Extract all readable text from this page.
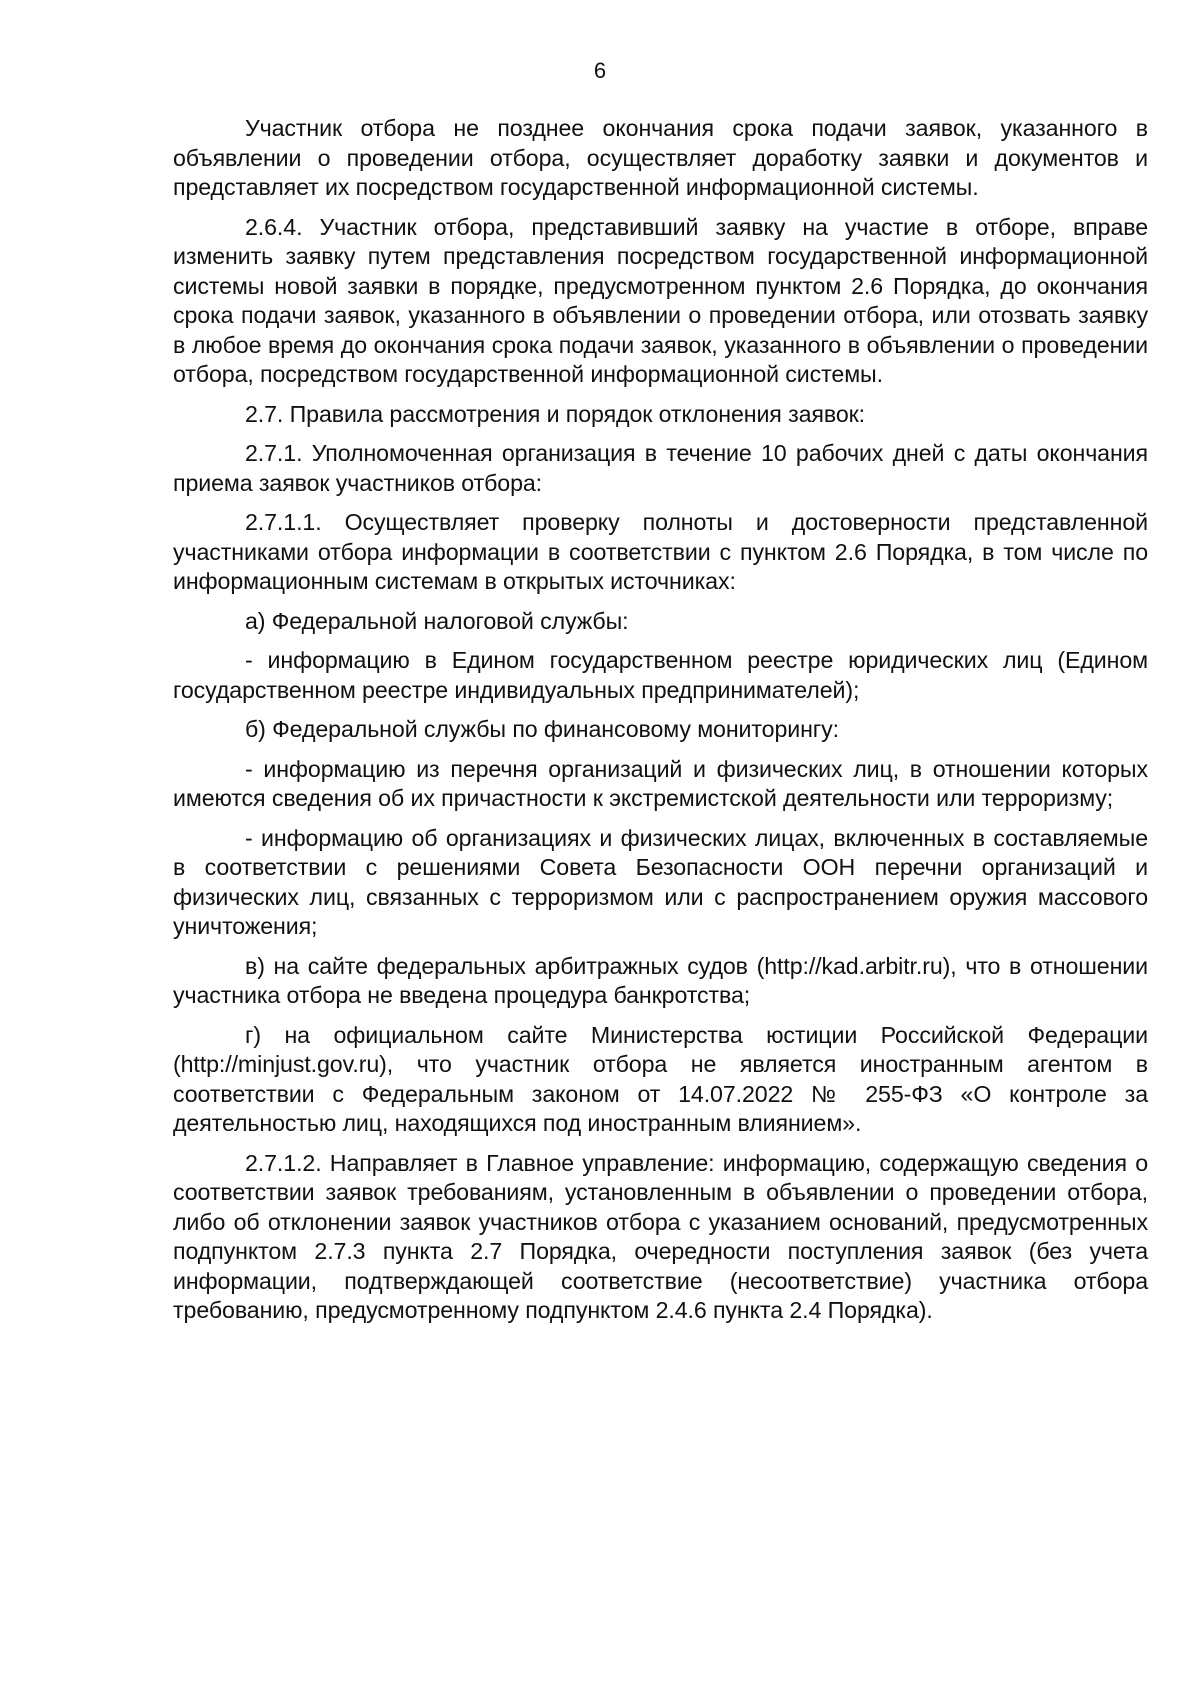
6

Участник отбора не позднее окончания срока подачи заявок, указанного в объявлении о проведении отбора, осуществляет доработку заявки и документов и представляет их посредством государственной информационной системы.

2.6.4. Участник отбора, представивший заявку на участие в отборе, вправе изменить заявку путем представления посредством государственной информационной системы новой заявки в порядке, предусмотренном пунктом 2.6 Порядка, до окончания срока подачи заявок, указанного в объявлении о проведении отбора, или отозвать заявку в любое время до окончания срока подачи заявок, указанного в объявлении о проведении отбора, посредством государственной информационной системы.

2.7. Правила рассмотрения и порядок отклонения заявок:

2.7.1. Уполномоченная организация в течение 10 рабочих дней с даты окончания приема заявок участников отбора:

2.7.1.1. Осуществляет проверку полноты и достоверности представленной участниками отбора информации в соответствии с пунктом 2.6 Порядка, в том числе по информационным системам в открытых источниках:

а) Федеральной налоговой службы:

- информацию в Едином государственном реестре юридических лиц (Едином государственном реестре индивидуальных предпринимателей);

б) Федеральной службы по финансовому мониторингу:

- информацию из перечня организаций и физических лиц, в отношении которых имеются сведения об их причастности к экстремистской деятельности или терроризму;

- информацию об организациях и физических лицах, включенных в составляемые в соответствии с решениями Совета Безопасности ООН перечни организаций и физических лиц, связанных с терроризмом или с распространением оружия массового уничтожения;

в) на сайте федеральных арбитражных судов (http://kad.arbitr.ru), что в отношении участника отбора не введена процедура банкротства;

г) на официальном сайте Министерства юстиции Российской Федерации (http://minjust.gov.ru), что участник отбора не является иностранным агентом в соответствии с Федеральным законом от 14.07.2022 № 255-ФЗ «О контроле за деятельностью лиц, находящихся под иностранным влиянием».

2.7.1.2. Направляет в Главное управление: информацию, содержащую сведения о соответствии заявок требованиям, установленным в объявлении о проведении отбора, либо об отклонении заявок участников отбора с указанием оснований, предусмотренных подпунктом 2.7.3 пункта 2.7 Порядка, очередности поступления заявок (без учета информации, подтверждающей соответствие (несоответствие) участника отбора требованию, предусмотренному подпунктом 2.4.6 пункта 2.4 Порядка).
